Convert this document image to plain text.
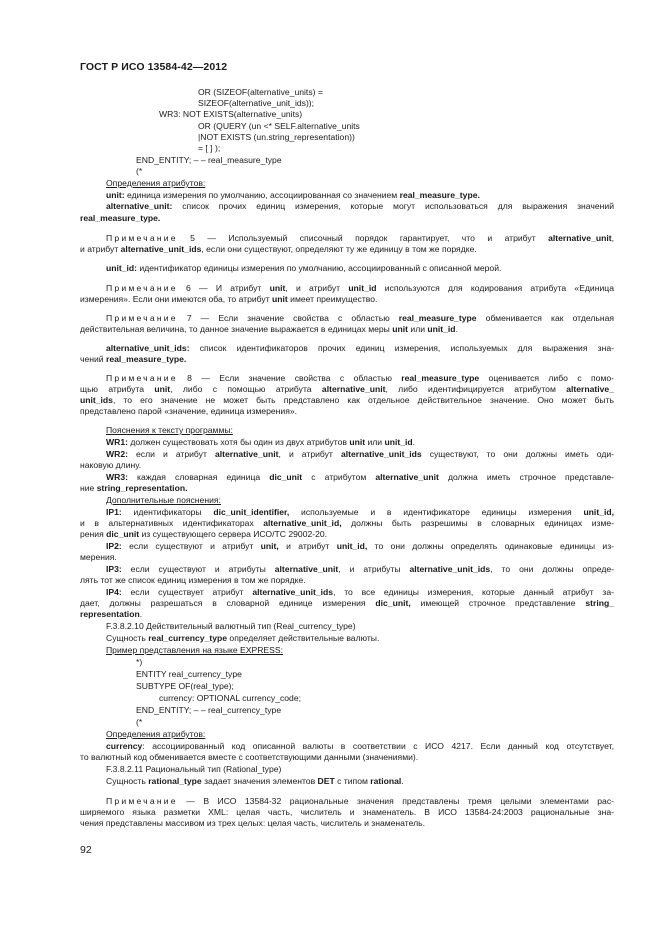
ГОСТ Р ИСО 13584-42—2012
OR (SIZEOF(alternative_units) =
SIZEOF(alternative_unit_ids));
WR3: NOT EXISTS(alternative_units)
OR (QUERY (un <* SELF.alternative_units
|NOT EXISTS (un.string_representation))
= [ ] );
END_ENTITY; – – real_measure_type
(*
Определения атрибутов:
unit: единица измерения по умолчанию, ассоциированная со значением real_measure_type.
alternative_unit: список прочих единиц измерения, которые могут использоваться для выражения значений
real_measure_type.
Примечание 5 — Используемый списочный порядок гарантирует, что и атрибут alternative_unit,
и атрибут alternative_unit_ids, если они существуют, определяют ту же единицу в том же порядке.
unit_id: идентификатор единицы измерения по умолчанию, ассоциированный с описанной мерой.
Примечание 6 — И атрибут unit, и атрибут unit_id используются для кодирования атрибута «Единица
измерения». Если они имеются оба, то атрибут unit имеет преимущество.
Примечание 7 — Если значение свойства с областью real_measure_type обменивается как отдельная
действительная величина, то данное значение выражается в единицах меры unit или unit_id.
alternative_unit_ids: список идентификаторов прочих единиц измерения, используемых для выражения зна-
чений real_measure_type.
Примечание 8 — Если значение свойства с областью real_measure_type оценивается либо с помо-
щью атрибута unit, либо с помощью атрибута alternative_unit, либо идентифицируется атрибутом alternative_
unit_ids, то его значение не может быть представлено как отдельное действительное значение. Оно может быть
представлено парой «значение, единица измерения».
Пояснения к тексту программы:
WR1: должен существовать хотя бы один из двух атрибутов unit или unit_id.
WR2: если и атрибут alternative_unit, и атрибут alternative_unit_ids существуют, то они должны иметь оди-
наковую длину.
WR3: каждая словарная единица dic_unit с атрибутом alternative_unit должна иметь строчное представле-
ние string_representation.
Дополнительные пояснения:
IP1: идентификаторы dic_unit_identifier, используемые и в идентификаторе единицы измерения unit_id,
и в альтернативных идентификаторах alternative_unit_id, должны быть разрешимы в словарных единицах изме-
рения dic_unit из существующего сервера ИСО/ТС 29002-20.
IP2: если существуют и атрибут unit, и атрибут unit_id, то они должны определять одинаковые единицы из-
мерения.
IP3: если существуют и атрибуты alternative_unit, и атрибуты alternative_unit_ids, то они должны опреде-
лять тот же список единиц измерения в том же порядке.
IP4: если существует атрибут alternative_unit_ids, то все единицы измерения, которые данный атрибут за-
дает, должны разрешаться в словарной единице измерения dic_unit, имеющей строчное представление string_
representation.
F.3.8.2.10 Действительный валютный тип (Real_currency_type)
Сущность real_currency_type определяет действительные валюты.
Пример представления на языке EXPRESS:
*)
ENTITY real_currency_type
SUBTYPE OF(real_type);
currency: OPTIONAL currency_code;
END_ENTITY; – – real_currency_type
(*
Определения атрибутов:
currency: ассоциированный код описанной валюты в соответствии с ИСО 4217. Если данный код отсутствует,
то валютный код обменивается вместе с соответствующими данными (значениями).
F.3.8.2.11 Рациональный тип (Rational_type)
Сущность rational_type задает значения элементов DET с типом rational.
Примечание — В ИСО 13584-32 рациональные значения представлены тремя целыми элементами рас-
ширяемого языка разметки XML: целая часть, числитель и знаменатель. В ИСО 13584-24:2003 рациональные зна-
чения представлены массивом из трех целых: целая часть, числитель и знаменатель.
92
